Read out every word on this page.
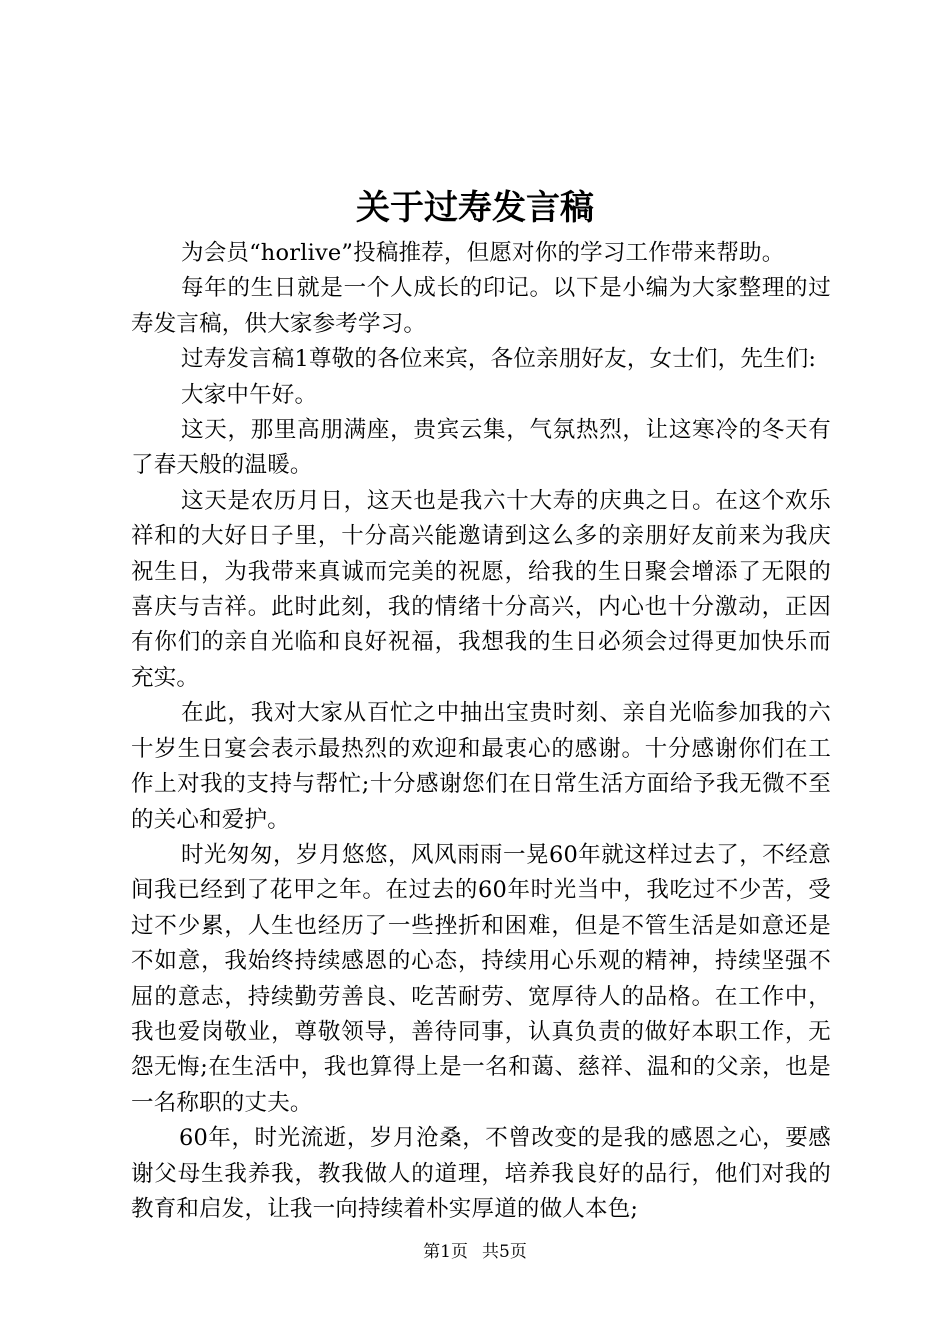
关于过寿发言稿

为会员“horlive”投稿推荐，但愿对你的学习工作带来帮助。

每年的生日就是一个人成长的印记。以下是小编为大家整理的过寿发言稿，供大家参考学习。

过寿发言稿1尊敬的各位来宾，各位亲朋好友，女士们，先生们:

大家中午好。

这天，那里高朋满座，贵宾云集，气氛热烈，让这寒冷的冬天有了春天般的温暖。

这天是农历月日，这天也是我六十大寿的庆典之日。在这个欢乐祥和的大好日子里，十分高兴能邀请到这么多的亲朋好友前来为我庆祝生日，为我带来真诚而完美的祝愿，给我的生日聚会增添了无限的喜庆与吉祥。此时此刻，我的情绪十分高兴，内心也十分激动，正因有你们的亲自光临和良好祝福，我想我的生日必须会过得更加快乐而充实。

在此，我对大家从百忙之中抽出宝贵时刻、亲自光临参加我的六十岁生日宴会表示最热烈的欢迎和最衷心的感谢。十分感谢你们在工作上对我的支持与帮忙;十分感谢您们在日常生活方面给予我无微不至的关心和爱护。

时光匆匆，岁月悠悠，风风雨雨一晃60年就这样过去了，不经意间我已经到了花甲之年。在过去的60年时光当中，我吃过不少苦，受过不少累，人生也经历了一些挫折和困难，但是不管生活是如意还是不如意，我始终持续感恩的心态，持续用心乐观的精神，持续坚强不屈的意志，持续勤劳善良、吃苦耐劳、宽厚待人的品格。在工作中，我也爱岗敬业，尊敬领导，善待同事，认真负责的做好本职工作，无怨无悔;在生活中，我也算得上是一名和蔼、慈祥、温和的父亲，也是一名称职的丈夫。

60年，时光流逝，岁月沧桑，不曾改变的是我的感恩之心，要感谢父母生我养我，教我做人的道理，培养我良好的品行，他们对我的教育和启发，让我一向持续着朴实厚道的做人本色;

第1页 共5页
